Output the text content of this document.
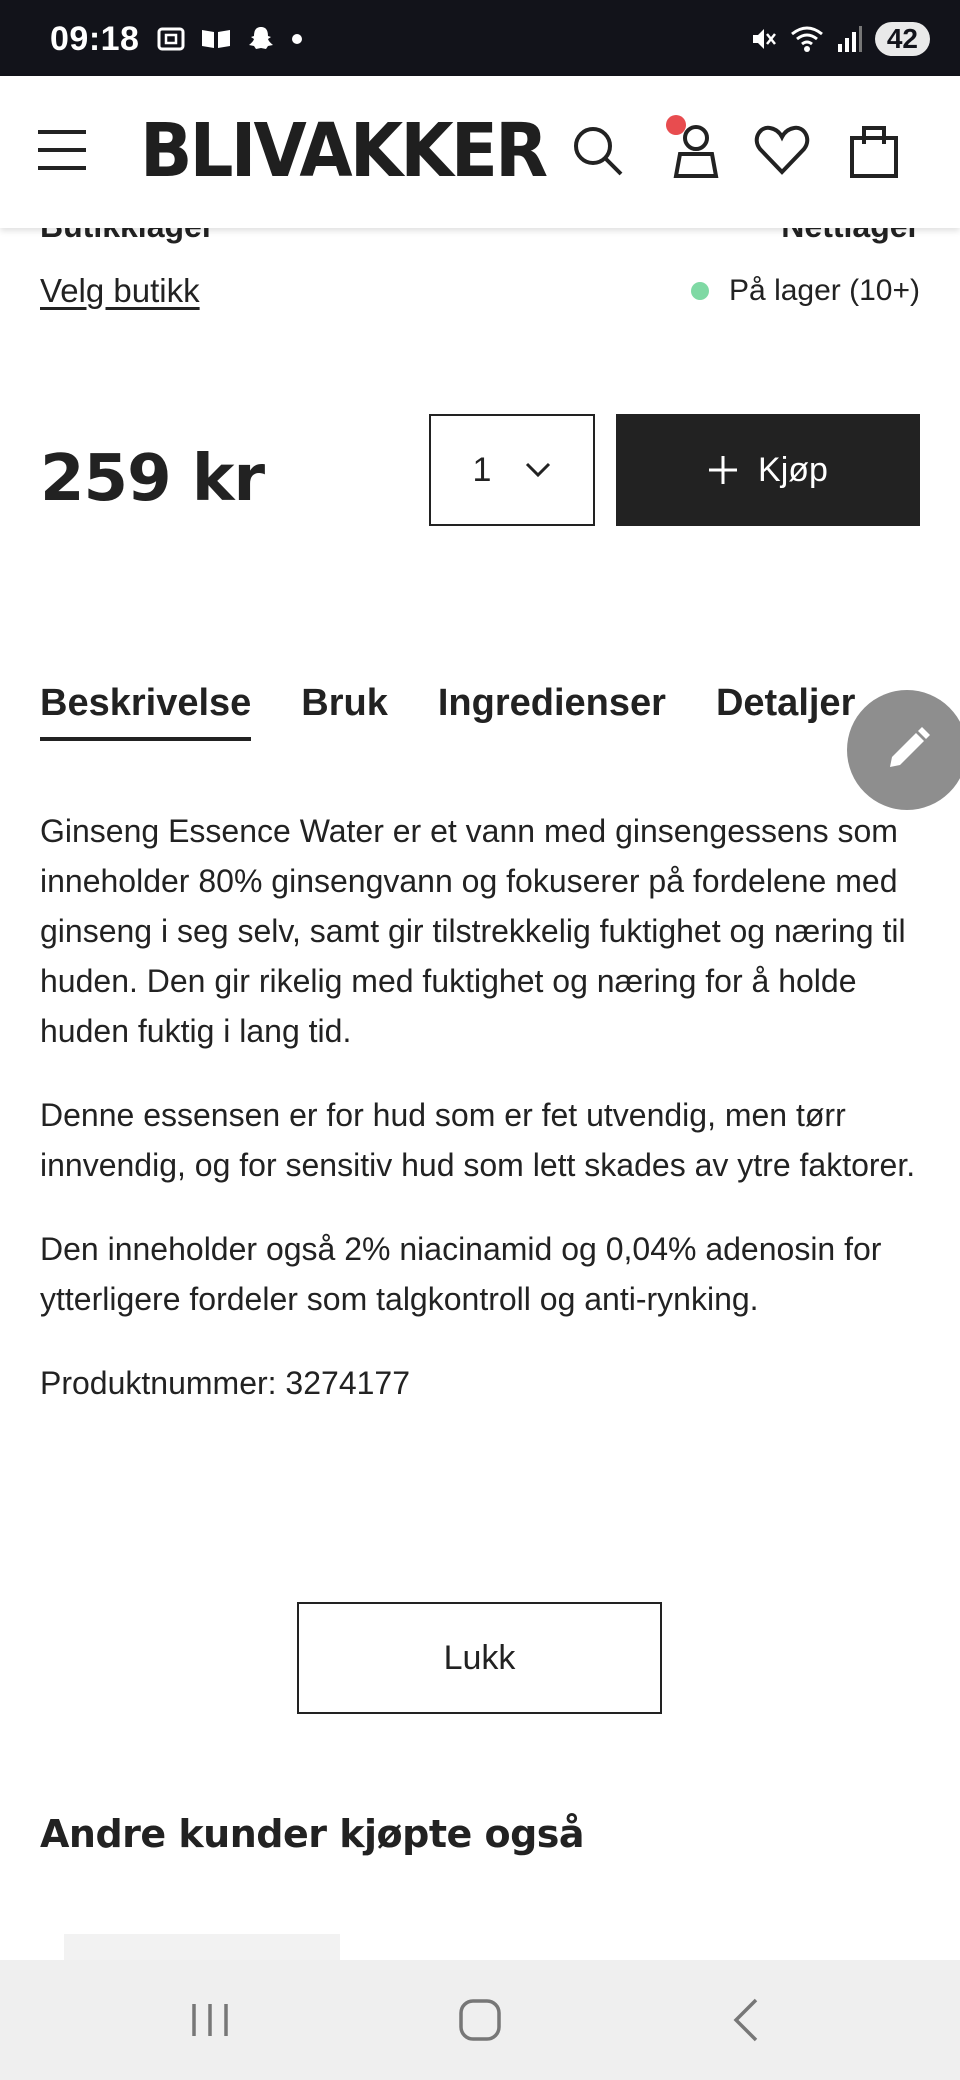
09:18	42
BLIVAKKER
Velg butikk	På lager (10+)
259 kr	1	Kjøp
Beskrivelse Bruk Ingredienser Detaljer

Ginseng Essence Water er et vann med ginsengessens som inneholder 80% ginsengvann og fokuserer på fordelene med ginseng i seg selv, samt gir tilstrekkelig fuktighet og næring til huden. Den gir rikelig med fuktighet og næring for å holde huden fuktig i lang tid.

Denne essensen er for hud som er fet utvendig, men tørr innvendig, og for sensitiv hud som lett skades av ytre faktorer.

Den inneholder også 2% niacinamid og 0,04% adenosin for ytterligere fordeler som talgkontroll og anti-rynking.

Produktnummer: 3274177

Lukk
Andre kunder kjøpte også
